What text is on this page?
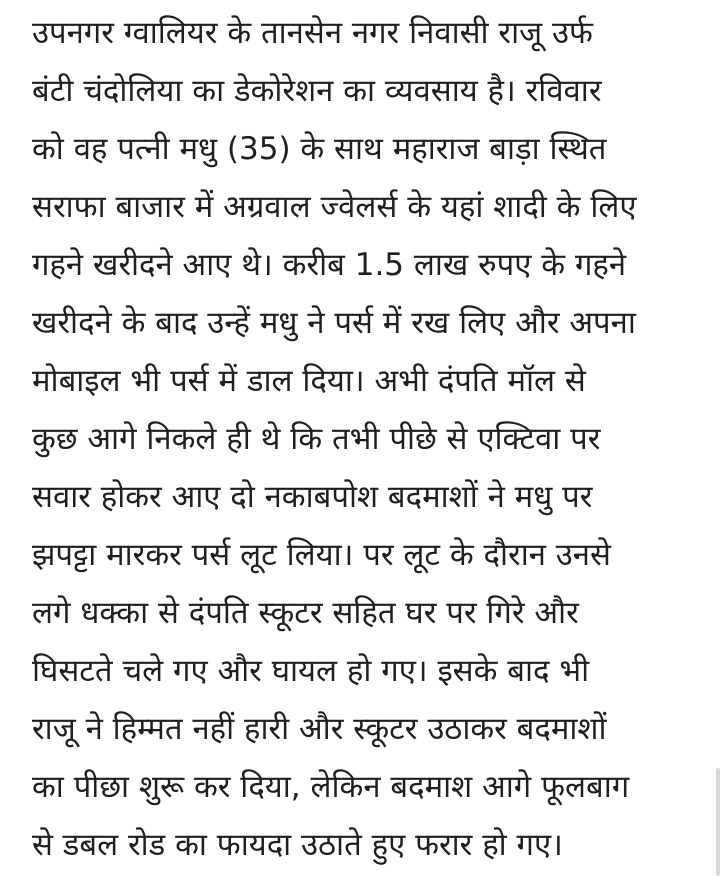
उपनगर ग्वालियर के तानसेन नगर निवासी राजू उर्फ
बंटी चंदोलिया का डेकोरेशन का व्यवसाय है। रविवार
को वह पत्नी मधु (35) के साथ महाराज बाड़ा स्थित
सराफा बाजार में अग्रवाल ज्वेलर्स के यहां शादी के लिए
गहने खरीदने आए थे। करीब 1.5 लाख रुपए के गहने
खरीदने के बाद उन्हें मधु ने पर्स में रख लिए और अपना
मोबाइल भी पर्स में डाल दिया। अभी दंपति मॉल से
कुछ आगे निकले ही थे कि तभी पीछे से एक्टिवा पर
सवार होकर आए दो नकाबपोश बदमाशों ने मधु पर
झपट्टा मारकर पर्स लूट लिया। पर लूट के दौरान उनसे
लगे धक्का से दंपति स्कूटर सहित घर पर गिरे और
घिसटते चले गए और घायल हो गए। इसके बाद भी
राजू ने हिम्मत नहीं हारी और स्कूटर उठाकर बदमाशों
का पीछा शुरू कर दिया, लेकिन बदमाश आगे फूलबाग
से डबल रोड का फायदा उठाते हुए फरार हो गए।
